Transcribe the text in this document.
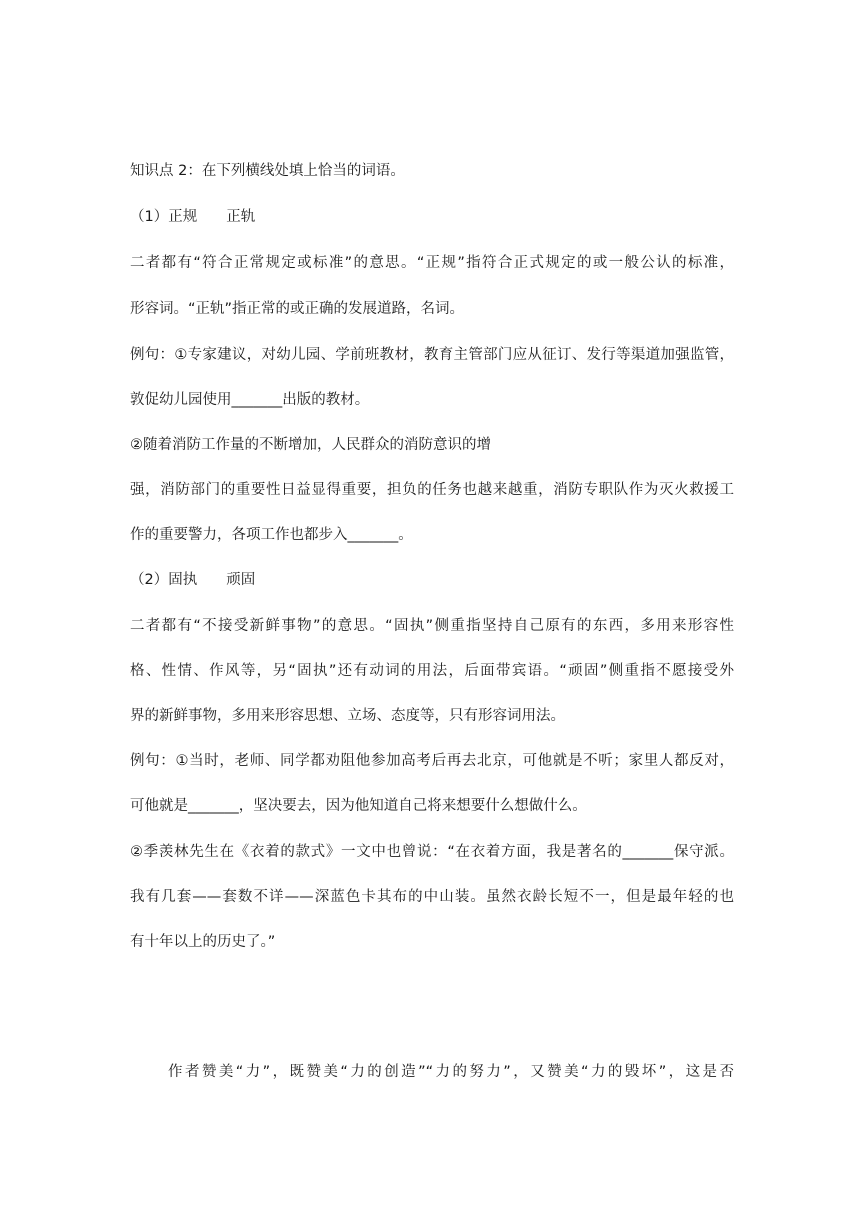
知识点 2：在下列横线处填上恰当的词语。

（1）正规　　正轨

二者都有“符合正常规定或标准”的意思。“正规”指符合正式规定的或一般公认的标准，

形容词。“正轨”指正常的或正确的发展道路，名词。

例句：①专家建议，对幼儿园、学前班教材，教育主管部门应从征订、发行等渠道加强监管，

敦促幼儿园使用_______出版的教材。

②随着消防工作量的不断增加，人民群众的消防意识的增

强，消防部门的重要性日益显得重要，担负的任务也越来越重，消防专职队作为灭火救援工

作的重要警力，各项工作也都步入_______。

（2）固执　　顽固

二者都有“不接受新鲜事物”的意思。“固执”侧重指坚持自己原有的东西，多用来形容性

格、性情、作风等，另“固执”还有动词的用法，后面带宾语。“顽固”侧重指不愿接受外

界的新鲜事物，多用来形容思想、立场、态度等，只有形容词用法。

例句：①当时，老师、同学都劝阻他参加高考后再去北京，可他就是不听；家里人都反对，

可他就是_______，坚决要去，因为他知道自己将来想要什么想做什么。

②季羡林先生在《衣着的款式》一文中也曾说：“在衣着方面，我是著名的_______保守派。

我有几套——套数不详——深蓝色卡其布的中山装。虽然衣龄长短不一，但是最年轻的也

有十年以上的历史了。”

作者赞美“力”，既赞美“力的创造”“力的努力”，又赞美“力的毁坏”，这是否
